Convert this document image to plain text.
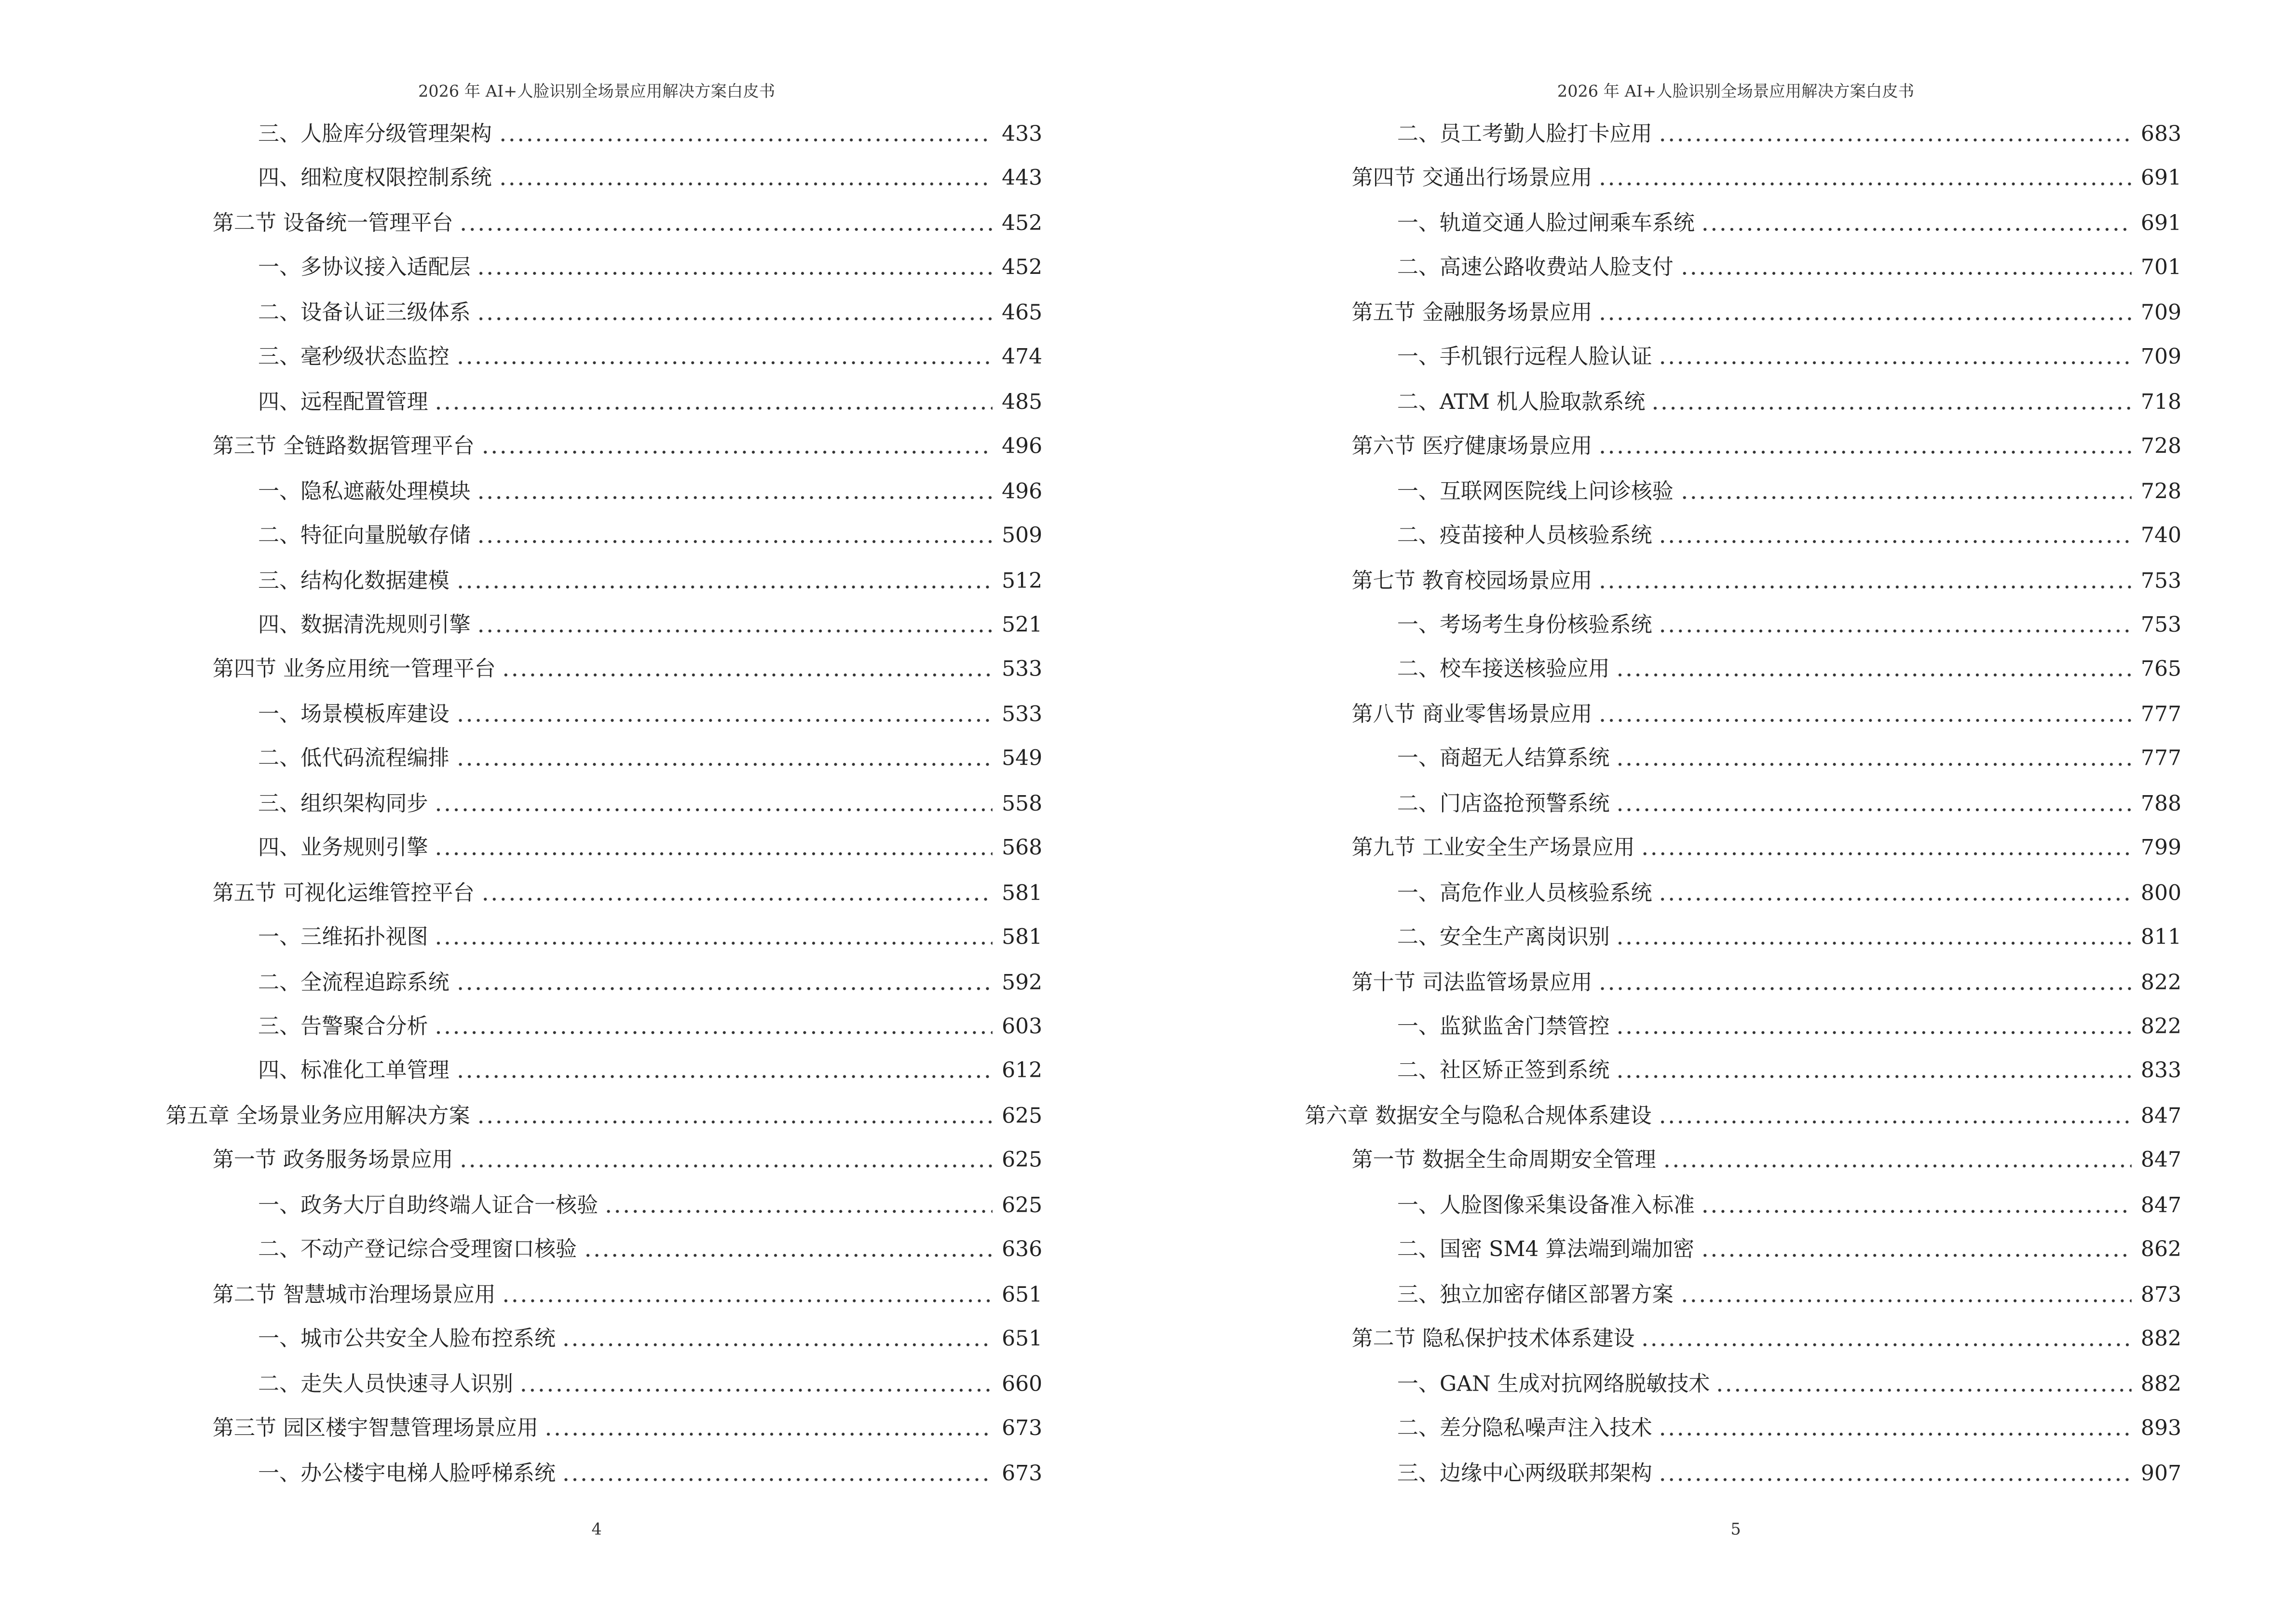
2026 年 AI+人脸识别全场景应用解决方案白皮书
三、人脸库分级管理架构	433
四、细粒度权限控制系统	443
第二节 设备统一管理平台	452
一、多协议接入适配层	452
二、设备认证三级体系	465
三、毫秒级状态监控	474
四、远程配置管理	485
第三节 全链路数据管理平台	496
一、隐私遮蔽处理模块	496
二、特征向量脱敏存储	509
三、结构化数据建模	512
四、数据清洗规则引擎	521
第四节 业务应用统一管理平台	533
一、场景模板库建设	533
二、低代码流程编排	549
三、组织架构同步	558
四、业务规则引擎	568
第五节 可视化运维管控平台	581
一、三维拓扑视图	581
二、全流程追踪系统	592
三、告警聚合分析	603
四、标准化工单管理	612
第五章 全场景业务应用解决方案	625
第一节 政务服务场景应用	625
一、政务大厅自助终端人证合一核验	625
二、不动产登记综合受理窗口核验	636
第二节 智慧城市治理场景应用	651
一、城市公共安全人脸布控系统	651
二、走失人员快速寻人识别	660
第三节 园区楼宇智慧管理场景应用	673
一、办公楼宇电梯人脸呼梯系统	673
4
2026 年 AI+人脸识别全场景应用解决方案白皮书
二、员工考勤人脸打卡应用	683
第四节 交通出行场景应用	691
一、轨道交通人脸过闸乘车系统	691
二、高速公路收费站人脸支付	701
第五节 金融服务场景应用	709
一、手机银行远程人脸认证	709
二、ATM 机人脸取款系统	718
第六节 医疗健康场景应用	728
一、互联网医院线上问诊核验	728
二、疫苗接种人员核验系统	740
第七节 教育校园场景应用	753
一、考场考生身份核验系统	753
二、校车接送核验应用	765
第八节 商业零售场景应用	777
一、商超无人结算系统	777
二、门店盗抢预警系统	788
第九节 工业安全生产场景应用	799
一、高危作业人员核验系统	800
二、安全生产离岗识别	811
第十节 司法监管场景应用	822
一、监狱监舍门禁管控	822
二、社区矫正签到系统	833
第六章 数据安全与隐私合规体系建设	847
第一节 数据全生命周期安全管理	847
一、人脸图像采集设备准入标准	847
二、国密 SM4 算法端到端加密	862
三、独立加密存储区部署方案	873
第二节 隐私保护技术体系建设	882
一、GAN 生成对抗网络脱敏技术	882
二、差分隐私噪声注入技术	893
三、边缘中心两级联邦架构	907
5
